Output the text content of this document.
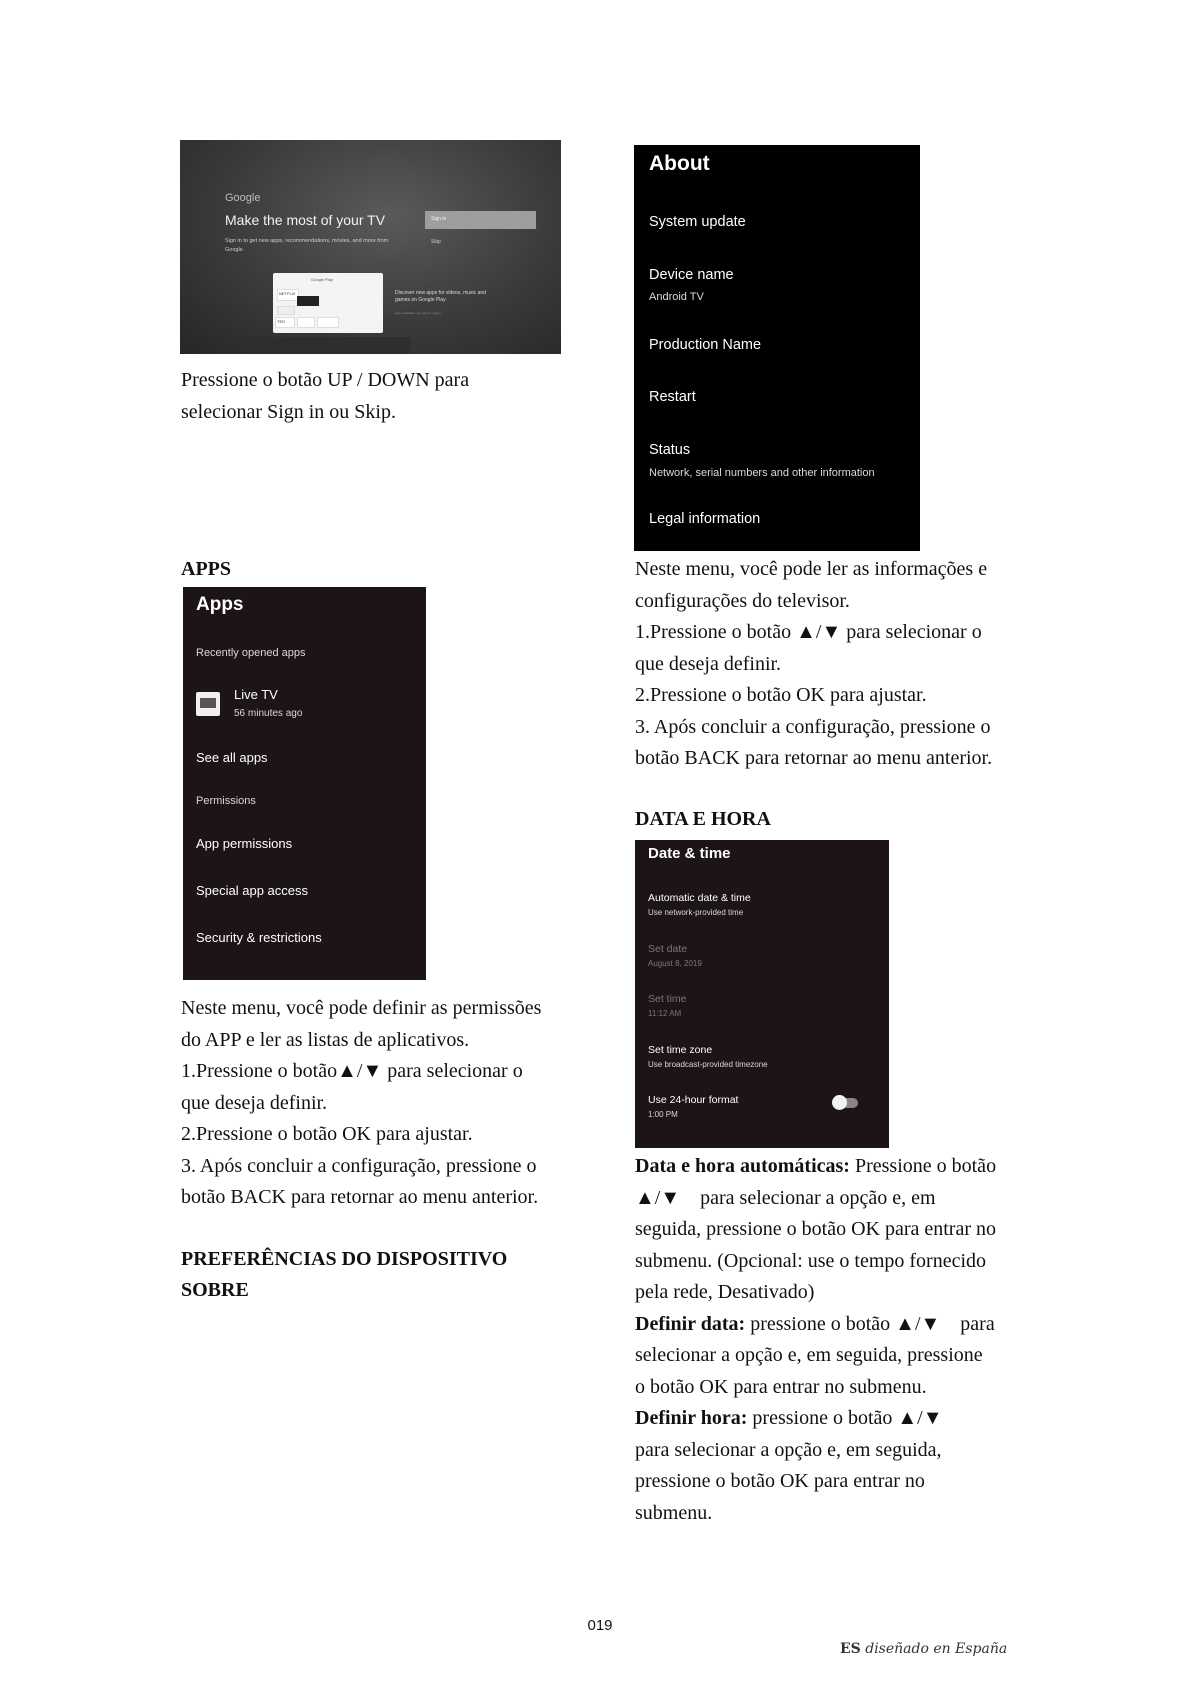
Google
Make the most of your TV
Sign in to get new apps, recommendations, movies, and more from Google.
Sign in
Skip
Google Play
NETFLIX
TED
Discover new apps for videos, music and games on Google Play
Apps available may vary by region

Pressione o botão UP / DOWN para

selecionar Sign in ou Skip.

About
System update
Device name
Android TV
Production Name
Restart
Status
Network, serial numbers and other information
Legal information

Neste menu, você pode ler as informações e

configurações do televisor.

1.Pressione o botão ▲/▼ para selecionar o

que deseja definir.

2.Pressione o botão OK para ajustar.

3. Após concluir a configuração, pressione o

botão BACK para retornar ao menu anterior.

APPS
Apps
Recently opened apps
Live TV
56 minutes ago
See all apps
Permissions
App permissions
Special app access
Security & restrictions

Neste menu, você pode definir as permissões

do APP e ler as listas de aplicativos.

1.Pressione o botão▲/▼ para selecionar o

que deseja definir.

2.Pressione o botão OK para ajustar.

3. Após concluir a configuração, pressione o

botão BACK para retornar ao menu anterior.

PREFERÊNCIAS DO DISPOSITIVO
SOBRE
DATA E HORA
Date & time
Automatic date & time
Use network-provided time
Set date
August 8, 2019
Set time
11:12 AM
Set time zone
Use broadcast-provided timezone
Use 24-hour format
1:00 PM

Data e hora automáticas: Pressione o botão

▲/▼    para selecionar a opção e, em

seguida, pressione o botão OK para entrar no

submenu. (Opcional: use o tempo fornecido

pela rede, Desativado)

Definir data: pressione o botão ▲/▼    para

selecionar a opção e, em seguida, pressione

o botão OK para entrar no submenu.

Definir hora: pressione o botão ▲/▼

para selecionar a opção e, em seguida,

pressione o botão OK para entrar no

submenu.

019
ES diseñado en España
